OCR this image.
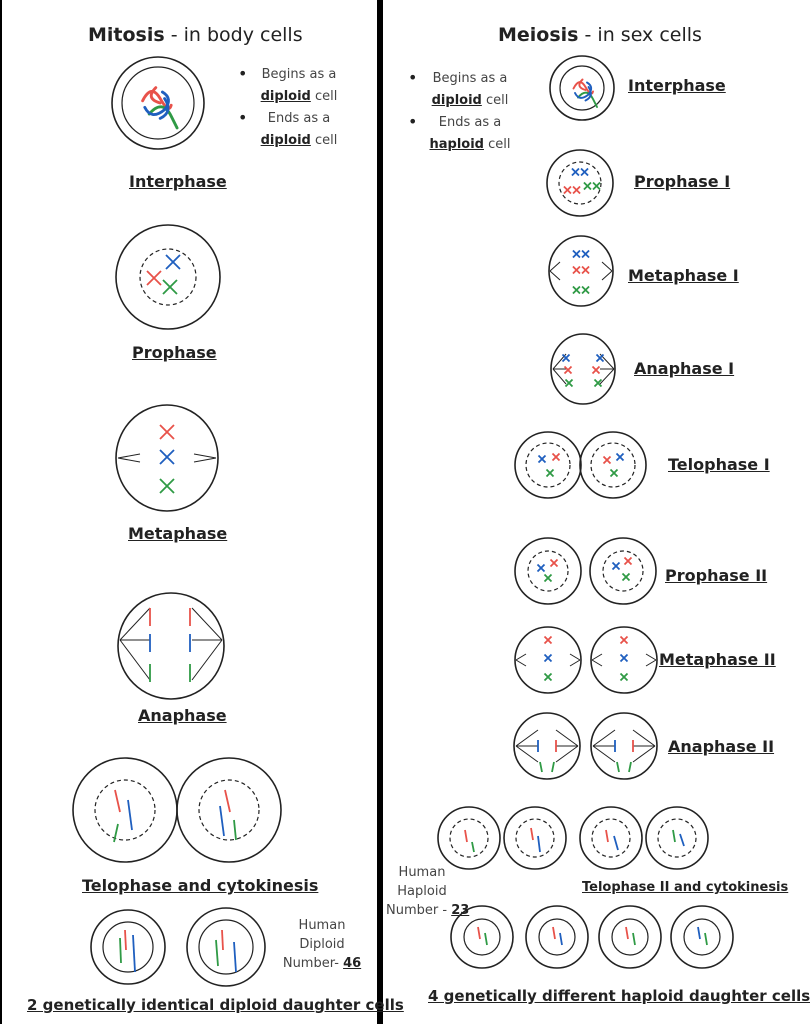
Mitosis - in body cells
• Begins as a
diploid cell
•	Ends as a
diploid cell
Interphase
Prophase
Metaphase
Anaphase
Telophase and cytokinesis
Human
Diploid
Number- 46
2 genetically identical diploid daughter cells
Meiosis - in sex cells
•	Begins as a
diploid cell
•	Ends as a
haploid cell
Interphase
Prophase I
Metaphase I
Anaphase I
Telophase I
Prophase II
Metaphase II
Anaphase II
Telophase II and cytokinesis
Human
Haploid
Number - 23
4 genetically different haploid daughter cells
